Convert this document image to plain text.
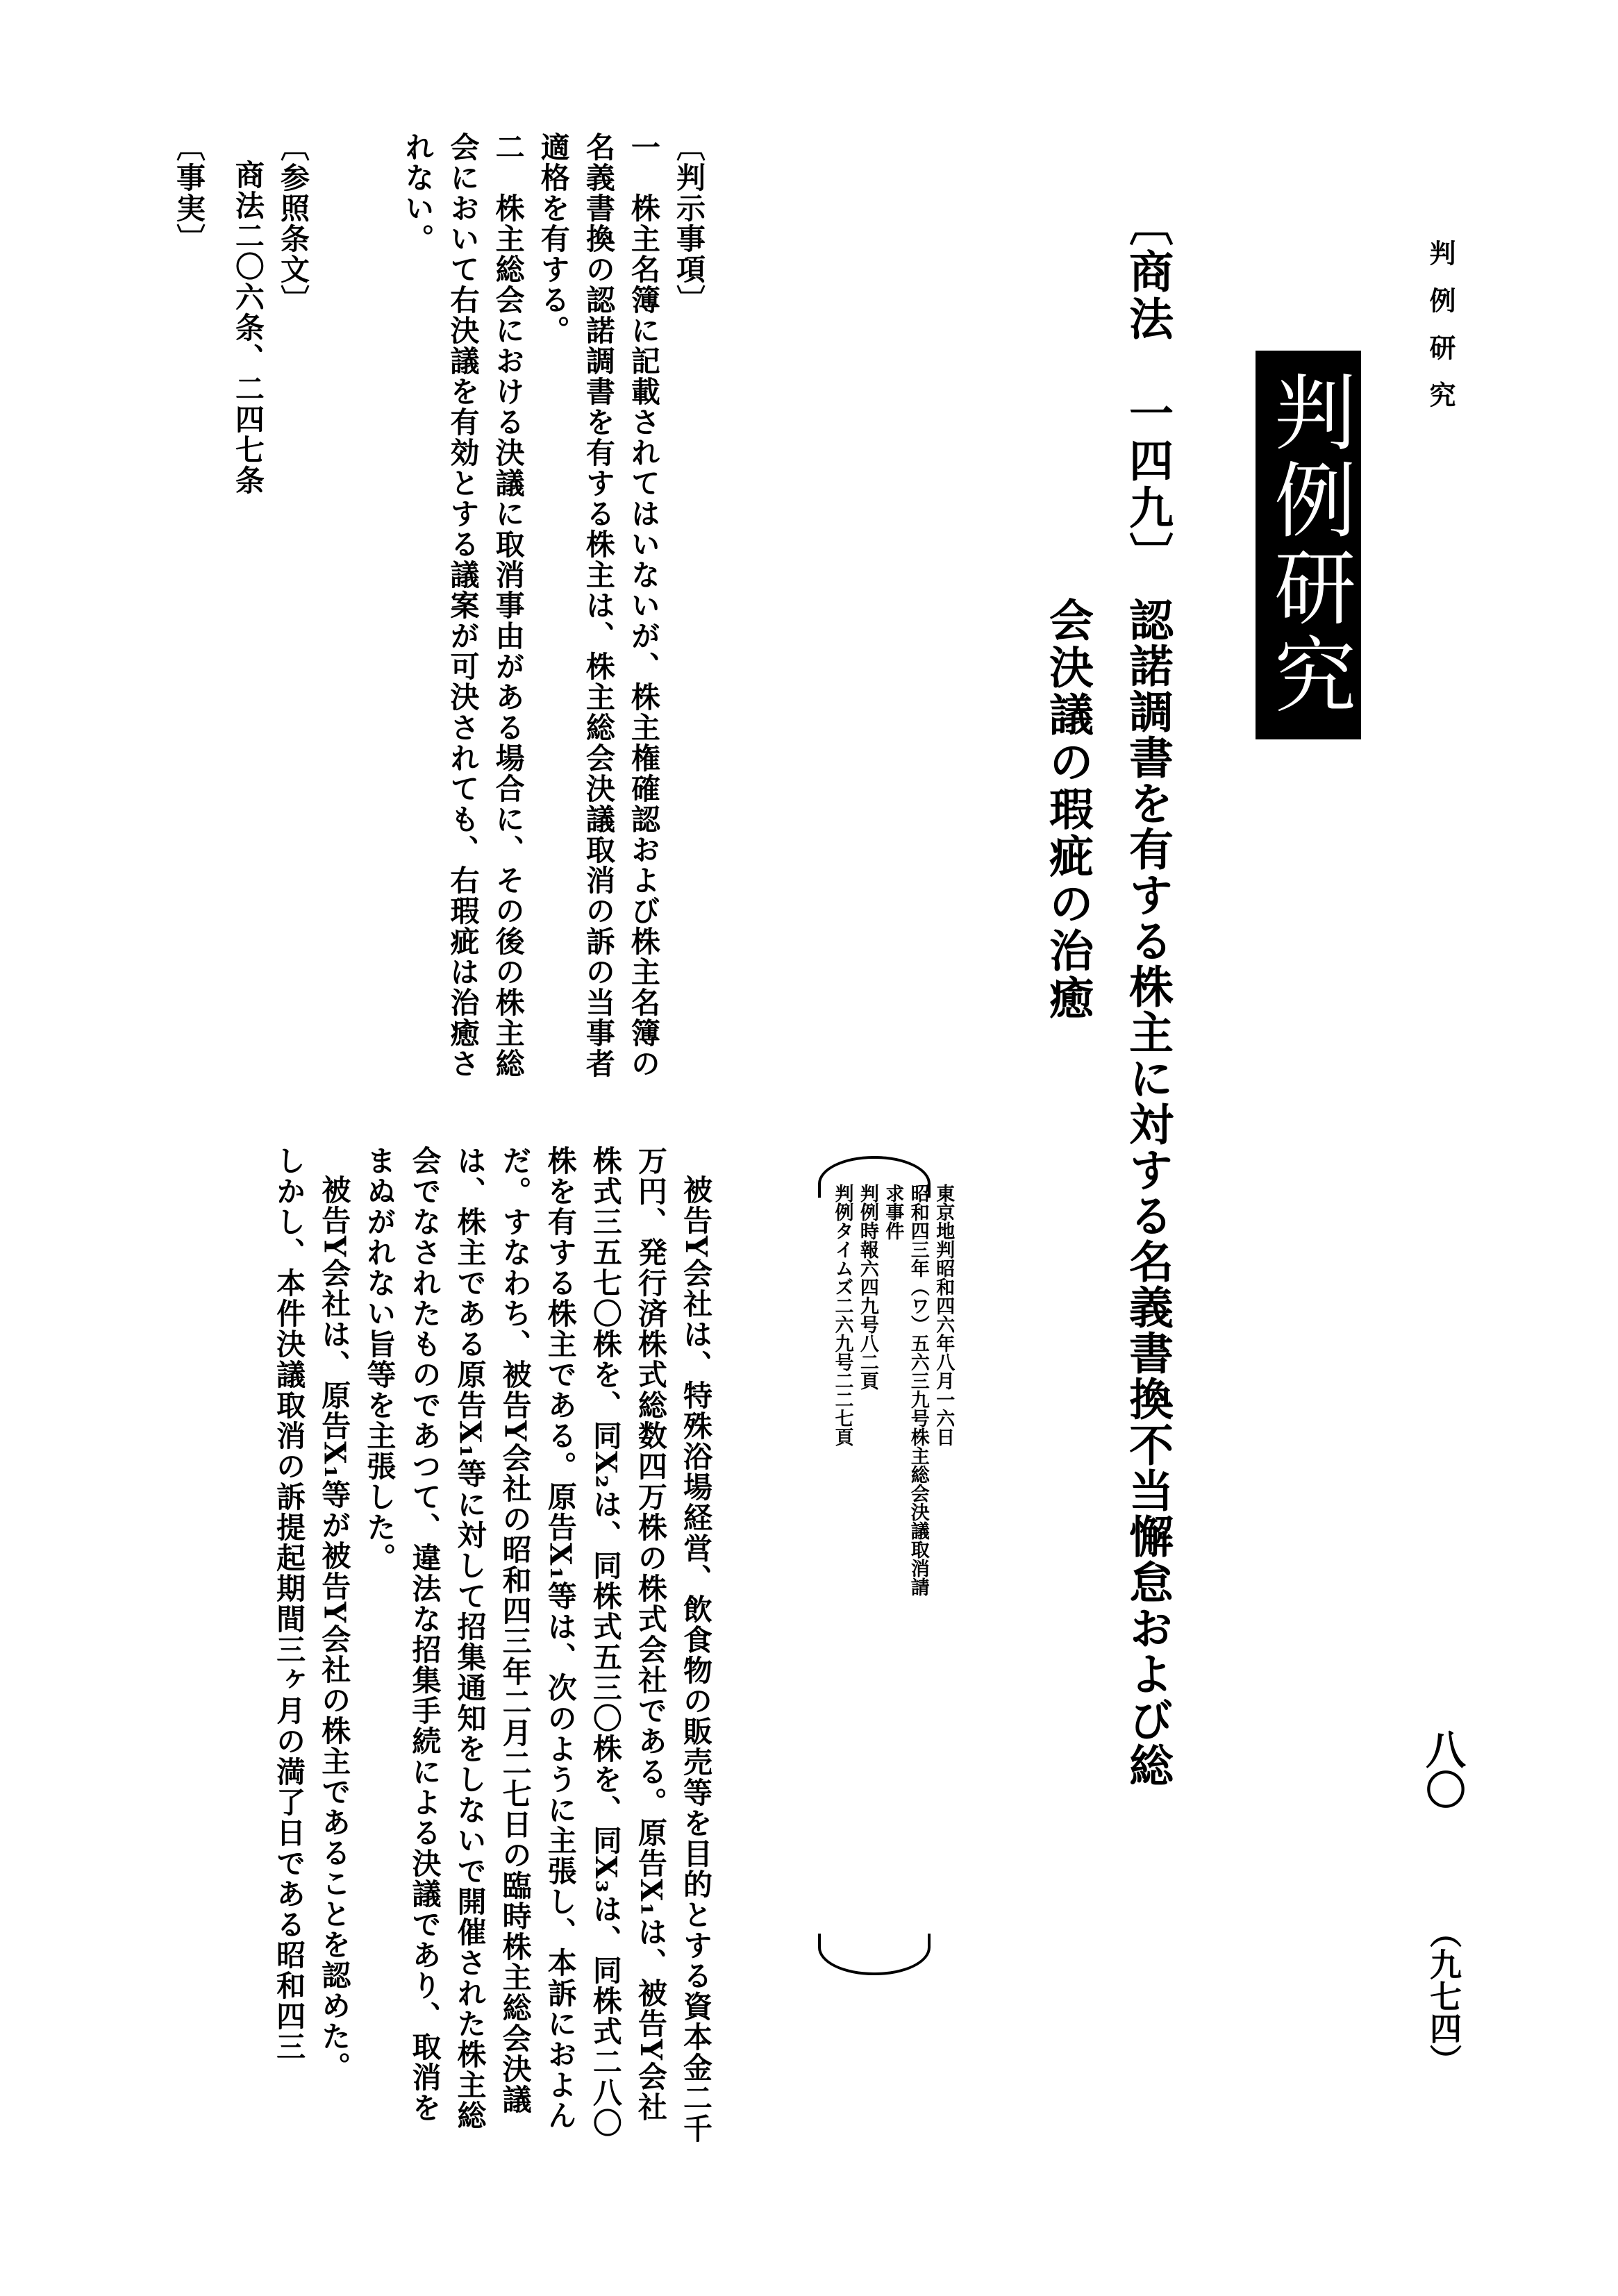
判例研究
八〇
（九七四）
判例研究
〔商法　一四九〕
認諾調書を有する株主に対する名義書換不当懈怠および総
会決議の瑕疵の治癒
東京地判昭和四六年八月一六日
昭和四三年（ワ）五六三九号株主総会決議取消請
求事件
判例時報六四九号八二頁
判例タイムズ二六九号二二七頁

〔判示事項〕

一　株主名簿に記載されてはいないが、株主権確認および株主名簿の名義書換の認諾調書を有する株主は、株主総会決議取消の訴の当事者適格を有する。

二　株主総会における決議に取消事由がある場合に、その後の株主総会において右決議を有効とする議案が可決されても、右瑕疵は治癒されない。

〔参照条文〕

商法二〇六条、二四七条

〔事実〕

被告Y会社は、特殊浴場経営、飲食物の販売等を目的とする資本金二千万円、発行済株式総数四万株の株式会社である。原告X₁は、被告Y会社株式三五七〇株を、同X₂は、同株式五三〇株を、同X₃は、同株式二八〇株を有する株主である。原告X₁等は、次のように主張し、本訴におよんだ。すなわち、被告Y会社の昭和四三年二月二七日の臨時株主総会決議は、株主である原告X₁等に対して招集通知をしないで開催された株主総会でなされたものであつて、違法な招集手続による決議であり、取消をまぬがれない旨等を主張した。

被告Y会社は、原告X₁等が被告Y会社の株主であることを認めた。

しかし、本件決議取消の訴提起期間三ヶ月の満了日である昭和四三
